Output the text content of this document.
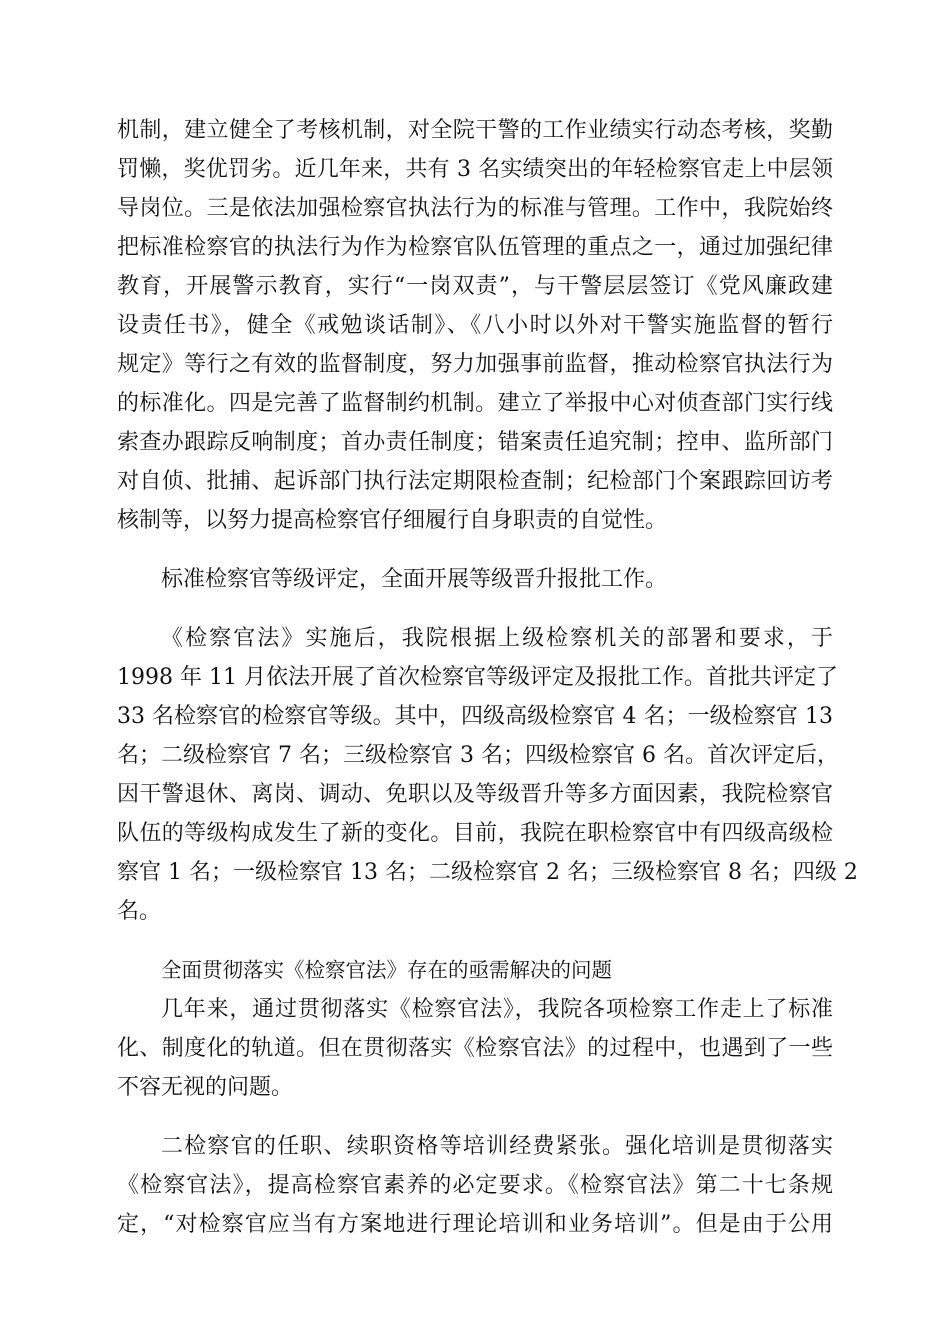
机制，建立健全了考核机制，对全院干警的工作业绩实行动态考核，奖勤
罚懒，奖优罚劣。近几年来，共有 3 名实绩突出的年轻检察官走上中层领
导岗位。三是依法加强检察官执法行为的标准与管理。工作中，我院始终
把标准检察官的执法行为作为检察官队伍管理的重点之一，通过加强纪律
教育，开展警示教育，实行“一岗双责”，与干警层层签订《党风廉政建
设责任书》，健全《戒勉谈话制》、《八小时以外对干警实施监督的暂行
规定》等行之有效的监督制度，努力加强事前监督，推动检察官执法行为
的标准化。四是完善了监督制约机制。建立了举报中心对侦查部门实行线
索查办跟踪反响制度；首办责任制度；错案责任追究制；控申、监所部门
对自侦、批捕、起诉部门执行法定期限检查制；纪检部门个案跟踪回访考
核制等，以努力提高检察官仔细履行自身职责的自觉性。
标准检察官等级评定，全面开展等级晋升报批工作。
《检察官法》实施后，我院根据上级检察机关的部署和要求，于
1998 年 11 月依法开展了首次检察官等级评定及报批工作。首批共评定了
33 名检察官的检察官等级。其中，四级高级检察官 4 名；一级检察官 13
名；二级检察官 7 名；三级检察官 3 名；四级检察官 6 名。首次评定后，
因干警退休、离岗、调动、免职以及等级晋升等多方面因素，我院检察官
队伍的等级构成发生了新的变化。目前，我院在职检察官中有四级高级检
察官 1 名；一级检察官 13 名；二级检察官 2 名；三级检察官 8 名；四级 2
名。
全面贯彻落实《检察官法》存在的亟需解决的问题
几年来，通过贯彻落实《检察官法》，我院各项检察工作走上了标准
化、制度化的轨道。但在贯彻落实《检察官法》的过程中，也遇到了一些
不容无视的问题。
二检察官的任职、续职资格等培训经费紧张。强化培训是贯彻落实
《检察官法》，提高检察官素养的必定要求。《检察官法》第二十七条规
定，“对检察官应当有方案地进行理论培训和业务培训”。但是由于公用
